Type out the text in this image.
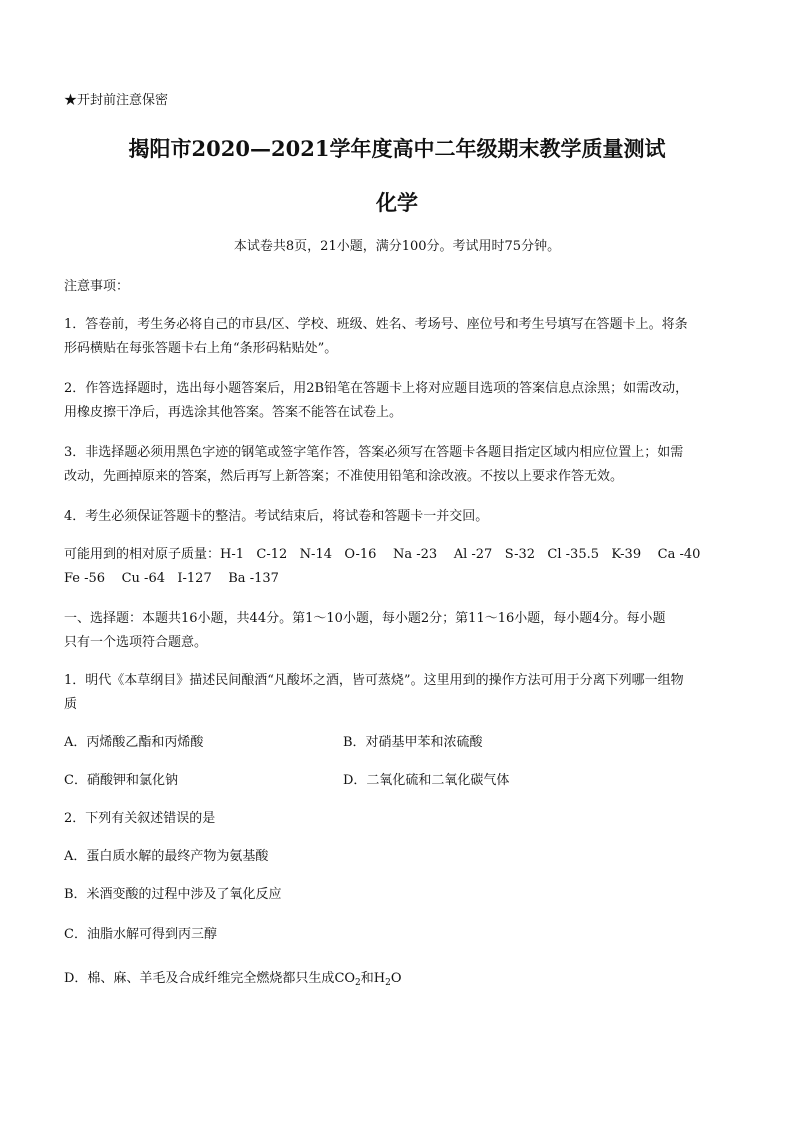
★开封前注意保密
揭阳市2020—2021学年度高中二年级期末教学质量测试
化学
本试卷共8页，21小题，满分100分。考试用时75分钟。
注意事项：
1．答卷前，考生务必将自己的市县/区、学校、班级、姓名、考场号、座位号和考生号填写在答题卡上。将条
形码横贴在每张答题卡右上角“条形码粘贴处”。
2．作答选择题时，选出每小题答案后，用2B铅笔在答题卡上将对应题目选项的答案信息点涂黑；如需改动，
用橡皮擦干净后，再选涂其他答案。答案不能答在试卷上。
3．非选择题必须用黑色字迹的钢笔或签字笔作答，答案必须写在答题卡各题目指定区域内相应位置上；如需
改动，先画掉原来的答案，然后再写上新答案；不准使用铅笔和涂改液。不按以上要求作答无效。
4．考生必须保证答题卡的整洁。考试结束后，将试卷和答题卡一并交回。
可能用到的相对原子质量：H-1   C-12   N-14   O-16    Na -23    Al -27   S-32   Cl -35.5   K-39    Ca -40
Fe -56    Cu -64   I-127    Ba -137
一、选择题：本题共16小题，共44分。第1～10小题，每小题2分；第11～16小题，每小题4分。每小题
只有一个选项符合题意。
1．明代《本草纲目》描述民间酿酒“凡酸坏之酒，皆可蒸烧”。这里用到的操作方法可用于分离下列哪一组物
质
A．丙烯酸乙酯和丙烯酸	B．对硝基甲苯和浓硫酸
C．硝酸钾和氯化钠	D．二氧化硫和二氧化碳气体
2．下列有关叙述错误的是
A．蛋白质水解的最终产物为氨基酸
B．米酒变酸的过程中涉及了氧化反应
C．油脂水解可得到丙三醇
D．棉、麻、羊毛及合成纤维完全燃烧都只生成$CO_2$和$H_2O$
